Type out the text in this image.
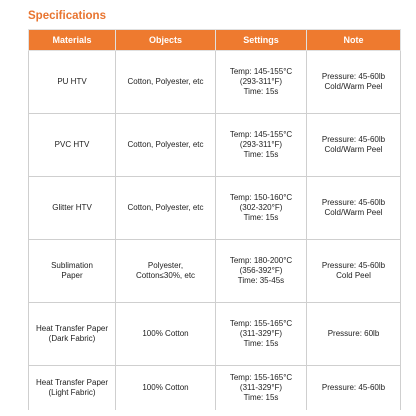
Specifications
Materials	Objects	Settings	Note
PU HTV	Cotton, Polyester, etc	Temp: 145-155°C
(293-311°F)
Time: 15s	Pressure: 45-60lb
Cold/Warm Peel
PVC HTV	Cotton, Polyester, etc	Temp: 145-155°C
(293-311°F)
Time: 15s	Pressure: 45-60lb
Cold/Warm Peel
Glitter HTV	Cotton, Polyester, etc	Temp: 150-160°C
(302-320°F)
Time: 15s	Pressure: 45-60lb
Cold/Warm Peel
Sublimation
Paper	Polyester,
Cotton≤30%, etc	Temp: 180-200°C
(356-392°F)
Time: 35-45s	Pressure: 45-60lb
Cold Peel
Heat Transfer Paper
(Dark Fabric)	100% Cotton	Temp: 155-165°C
(311-329°F)
Time: 15s	Pressure: 60lb
Heat Transfer Paper
(Light Fabric)	100% Cotton	Temp: 155-165°C
(311-329°F)
Time: 15s	Pressure: 45-60lb
